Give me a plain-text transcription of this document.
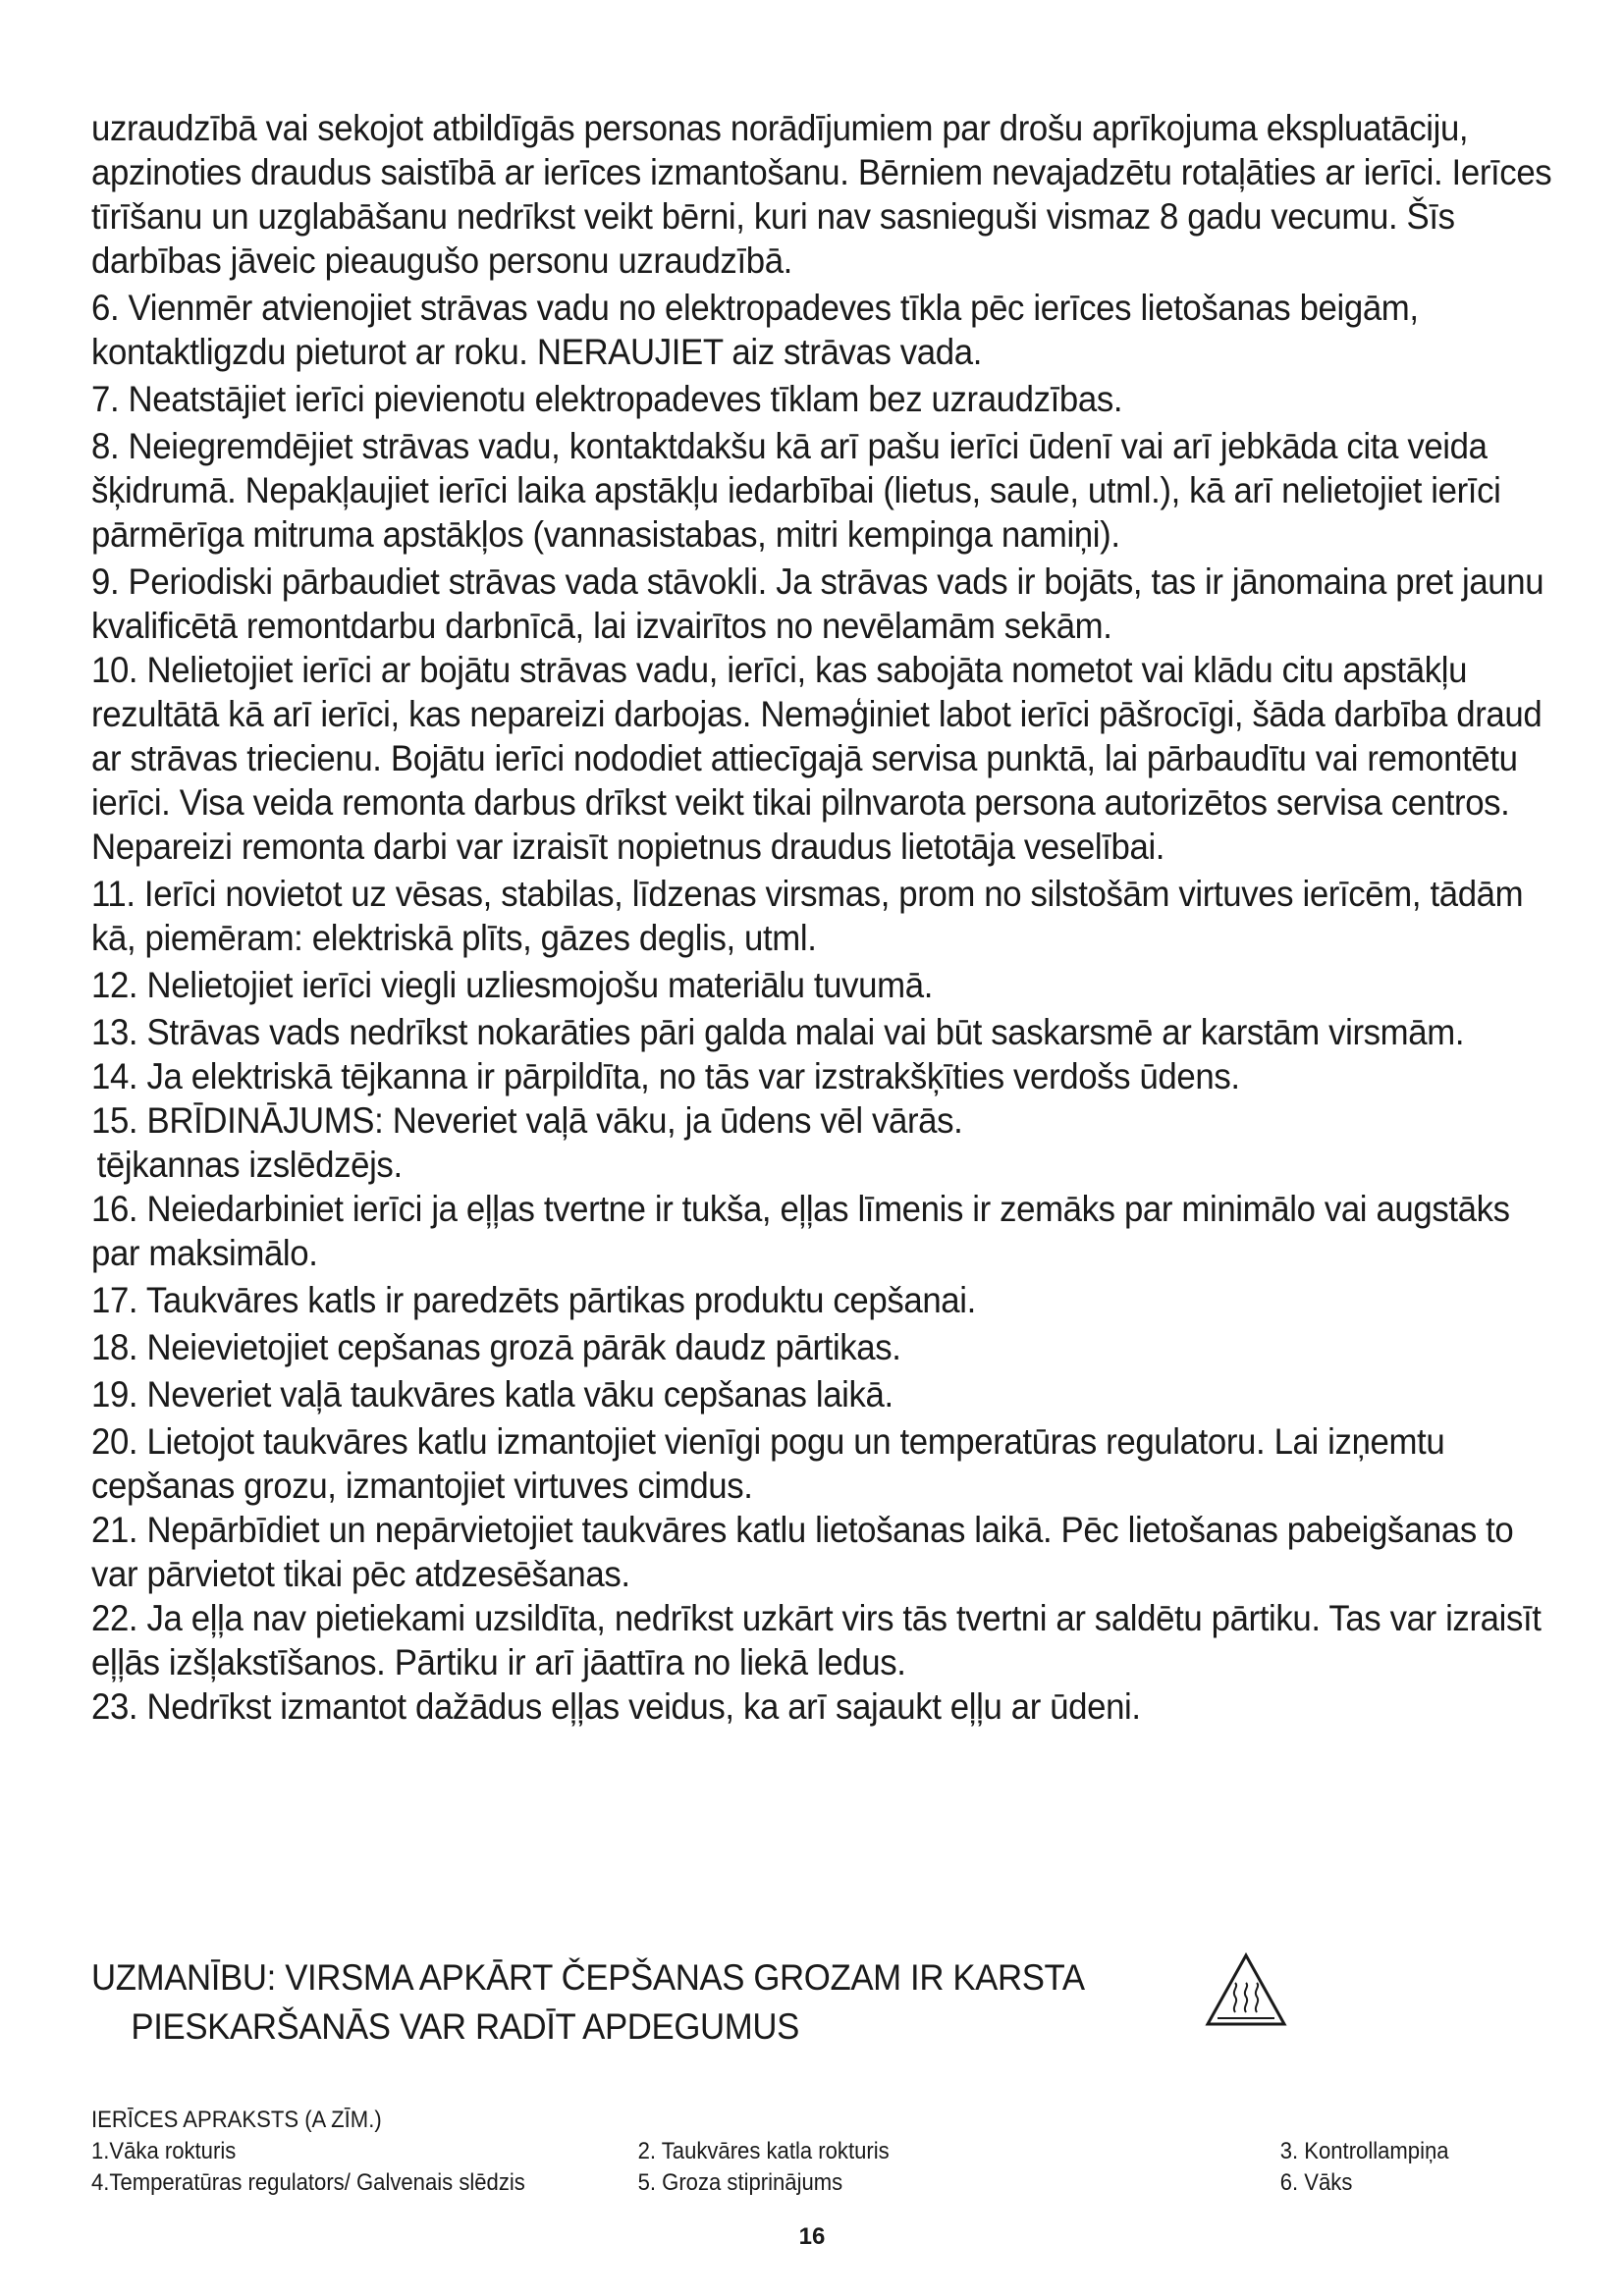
uzraudzībā vai sekojot atbildīgās personas norādījumiem par drošu aprīkojuma ekspluatāciju, apzinoties draudus saistībā ar ierīces izmantošanu. Bērniem nevajadzētu rotaļāties ar ierīci. Ierīces tīrīšanu un uzglabāšanu nedrīkst veikt bērni, kuri nav sasnieguši vismaz 8 gadu vecumu. Šīs darbības jāveic pieaugušo personu uzraudzībā.

6. Vienmēr atvienojiet strāvas vadu no elektropadeves tīkla pēc ierīces lietošanas beigām, kontaktligzdu pieturot ar roku. NERAUJIET aiz strāvas vada.

7. Neatstājiet ierīci pievienotu elektropadeves tīklam bez uzraudzības.

8. Neiegremdējiet strāvas vadu, kontaktdakšu kā arī pašu ierīci ūdenī vai arī jebkāda cita veida šķidrumā. Nepakļaujiet ierīci laika apstākļu iedarbībai (lietus, saule, utml.), kā arī nelietojiet ierīci pārmērīga mitruma apstākļos (vannasistabas, mitri kempinga namiņi).

9. Periodiski pārbaudiet strāvas vada stāvokli. Ja strāvas vads ir bojāts, tas ir jānomaina pret jaunu kvalificētā remontdarbu darbnīcā, lai izvairītos no nevēlamām sekām.

10. Nelietojiet ierīci ar bojātu strāvas vadu, ierīci, kas sabojāta nometot vai klādu citu apstākļu rezultātā kā arī ierīci, kas nepareizi darbojas. Neməģiniet labot ierīci pāšrocīgi, šāda darbība draud ar strāvas triecienu. Bojātu ierīci nododiet attiecīgajā servisa punktā, lai pārbaudītu vai remontētu ierīci. Visa veida remonta darbus drīkst veikt tikai pilnvarota persona autorizētos servisa centros. Nepareizi remonta darbi var izraisīt nopietnus draudus lietotāja veselībai.

11. Ierīci novietot uz vēsas, stabilas, līdzenas virsmas, prom no silstošām virtuves ierīcēm, tādām kā, piemēram: elektriskā plīts, gāzes deglis, utml.

12. Nelietojiet ierīci viegli uzliesmojošu materiālu tuvumā.

13. Strāvas vads nedrīkst nokarāties pāri galda malai vai būt saskarsmē ar karstām virsmām.

14. Ja elektriskā tējkanna ir pārpildīta, no tās var izstrakšķīties verdošs ūdens.

15. BRĪDINĀJUMS: Neveriet vaļā vāku, ja ūdens vēl vārās.

tējkannas izslēdzējs.

16. Neiedarbiniet ierīci ja eļļas tvertne ir tukša, eļļas līmenis ir zemāks par minimālo vai augstāks par maksimālo.

17. Taukvāres katls ir paredzēts pārtikas produktu cepšanai.

18. Neievietojiet cepšanas grozā pārāk daudz pārtikas.

19. Neveriet vaļā taukvāres katla vāku cepšanas laikā.

20. Lietojot taukvāres katlu izmantojiet vienīgi pogu un temperatūras regulatoru. Lai izņemtu cepšanas grozu, izmantojiet virtuves cimdus.

21. Nepārbīdiet un nepārvietojiet taukvāres katlu lietošanas laikā. Pēc lietošanas pabeigšanas to var pārvietot tikai pēc atdzesēšanas.

22. Ja eļļa nav pietiekami uzsildīta, nedrīkst uzkārt virs tās tvertni ar saldētu pārtiku. Tas var izraisīt eļļās izšļakstīšanos. Pārtiku ir arī jāattīra no liekā ledus.

23. Nedrīkst izmantot dažādus eļļas veidus, ka arī sajaukt eļļu ar ūdeni.

UZMANĪBU: VIRSMA APKĀRT ČEPŠANAS GROZAM IR KARSTA
PIESKARŠANĀS VAR RADĪT APDEGUMUS
IERĪCES APRAKSTS (A ZĪM.)
1.Vāka rokturis	2. Taukvāres katla rokturis	3. Kontrollampiņa
4.Temperatūras regulators/ Galvenais slēdzis	5. Groza stiprinājums	6. Vāks
16
